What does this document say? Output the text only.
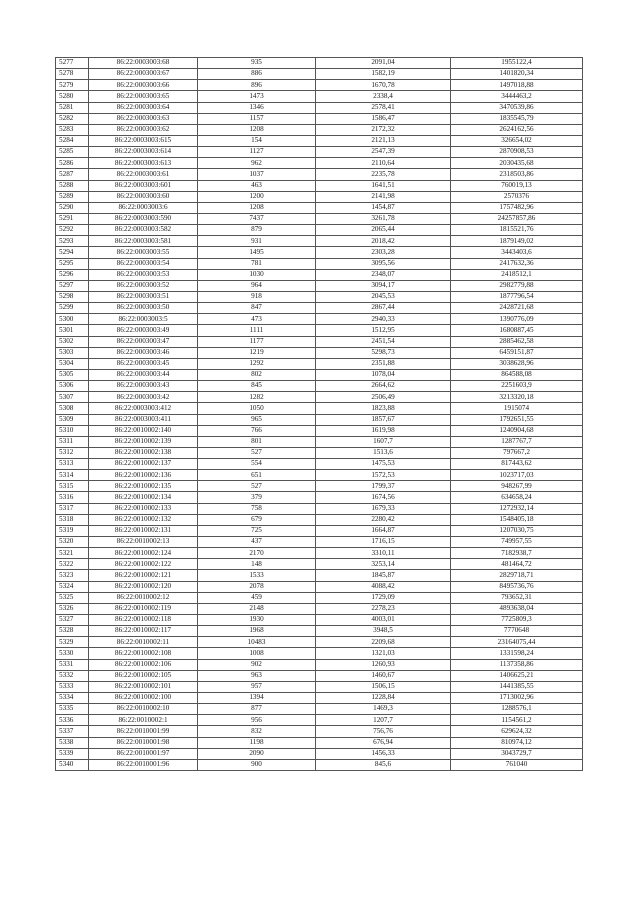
5277	86:22:0003003:68	935	2091,04	1955122,4
5278	86:22:0003003:67	886	1582,19	1401820,34
5279	86:22:0003003:66	896	1670,78	1497018,88
5280	86:22:0003003:65	1473	2338,4	3444463,2
5281	86:22:0003003:64	1346	2578,41	3470539,86
5282	86:22:0003003:63	1157	1586,47	1835545,79
5283	86:22:0003003:62	1208	2172,32	2624162,56
5284	86:22:0003003:615	154	2121,13	326654,02
5285	86:22:0003003:614	1127	2547,39	2870908,53
5286	86:22:0003003:613	962	2110,64	2030435,68
5287	86:22:0003003:61	1037	2235,78	2318503,86
5288	86:22:0003003:601	463	1641,51	760019,13
5289	86:22:0003003:60	1200	2141,98	2570376
5290	86:22:0003003:6	1208	1454,87	1757482,96
5291	86:22:0003003:590	7437	3261,78	24257857,86
5292	86:22:0003003:582	879	2065,44	1815521,76
5293	86:22:0003003:581	931	2018,42	1879149,02
5294	86:22:0003003:55	1495	2303,28	3443403,6
5295	86:22:0003003:54	781	3095,56	2417632,36
5296	86:22:0003003:53	1030	2348,07	2418512,1
5297	86:22:0003003:52	964	3094,17	2982779,88
5298	86:22:0003003:51	918	2045,53	1877796,54
5299	86:22:0003003:50	847	2867,44	2428721,68
5300	86:22:0003003:5	473	2940,33	1390776,09
5301	86:22:0003003:49	1111	1512,95	1680887,45
5302	86:22:0003003:47	1177	2451,54	2885462,58
5303	86:22:0003003:46	1219	5298,73	6459151,87
5304	86:22:0003003:45	1292	2351,88	3038628,96
5305	86:22:0003003:44	802	1078,04	864588,08
5306	86:22:0003003:43	845	2664,62	2251603,9
5307	86:22:0003003:42	1282	2506,49	3213320,18
5308	86:22:0003003:412	1050	1823,88	1915074
5309	86:22:0003003:411	965	1857,67	1792651,55
5310	86:22:0010002:140	766	1619,98	1240904,68
5311	86:22:0010002:139	801	1607,7	1287767,7
5312	86:22:0010002:138	527	1513,6	797667,2
5313	86:22:0010002:137	554	1475,53	817443,62
5314	86:22:0010002:136	651	1572,53	1023717,03
5315	86:22:0010002:135	527	1799,37	948267,99
5316	86:22:0010002:134	379	1674,56	634658,24
5317	86:22:0010002:133	758	1679,33	1272932,14
5318	86:22:0010002:132	679	2280,42	1548405,18
5319	86:22:0010002:131	725	1664,87	1207030,75
5320	86:22:0010002:13	437	1716,15	749957,55
5321	86:22:0010002:124	2170	3310,11	7182938,7
5322	86:22:0010002:122	148	3253,14	481464,72
5323	86:22:0010002:121	1533	1845,87	2829718,71
5324	86:22:0010002:120	2078	4088,42	8495736,76
5325	86:22:0010002:12	459	1729,09	793652,31
5326	86:22:0010002:119	2148	2278,23	4893638,04
5327	86:22:0010002:118	1930	4003,01	7725809,3
5328	86:22:0010002:117	1968	3948,5	7770648
5329	86:22:0010002:11	10483	2209,68	23164075,44
5330	86:22:0010002:108	1008	1321,03	1331598,24
5331	86:22:0010002:106	902	1260,93	1137358,86
5332	86:22:0010002:105	963	1460,67	1406625,21
5333	86:22:0010002:101	957	1506,15	1441385,55
5334	86:22:0010002:100	1394	1228,84	1713002,96
5335	86:22:0010002:10	877	1469,3	1288576,1
5336	86:22:0010002:1	956	1207,7	1154561,2
5337	86:22:0010001:99	832	756,76	629624,32
5338	86:22:0010001:98	1198	676,94	810974,12
5339	86:22:0010001:97	2090	1456,33	3043729,7
5340	86:22:0010001:96	900	845,6	761040
